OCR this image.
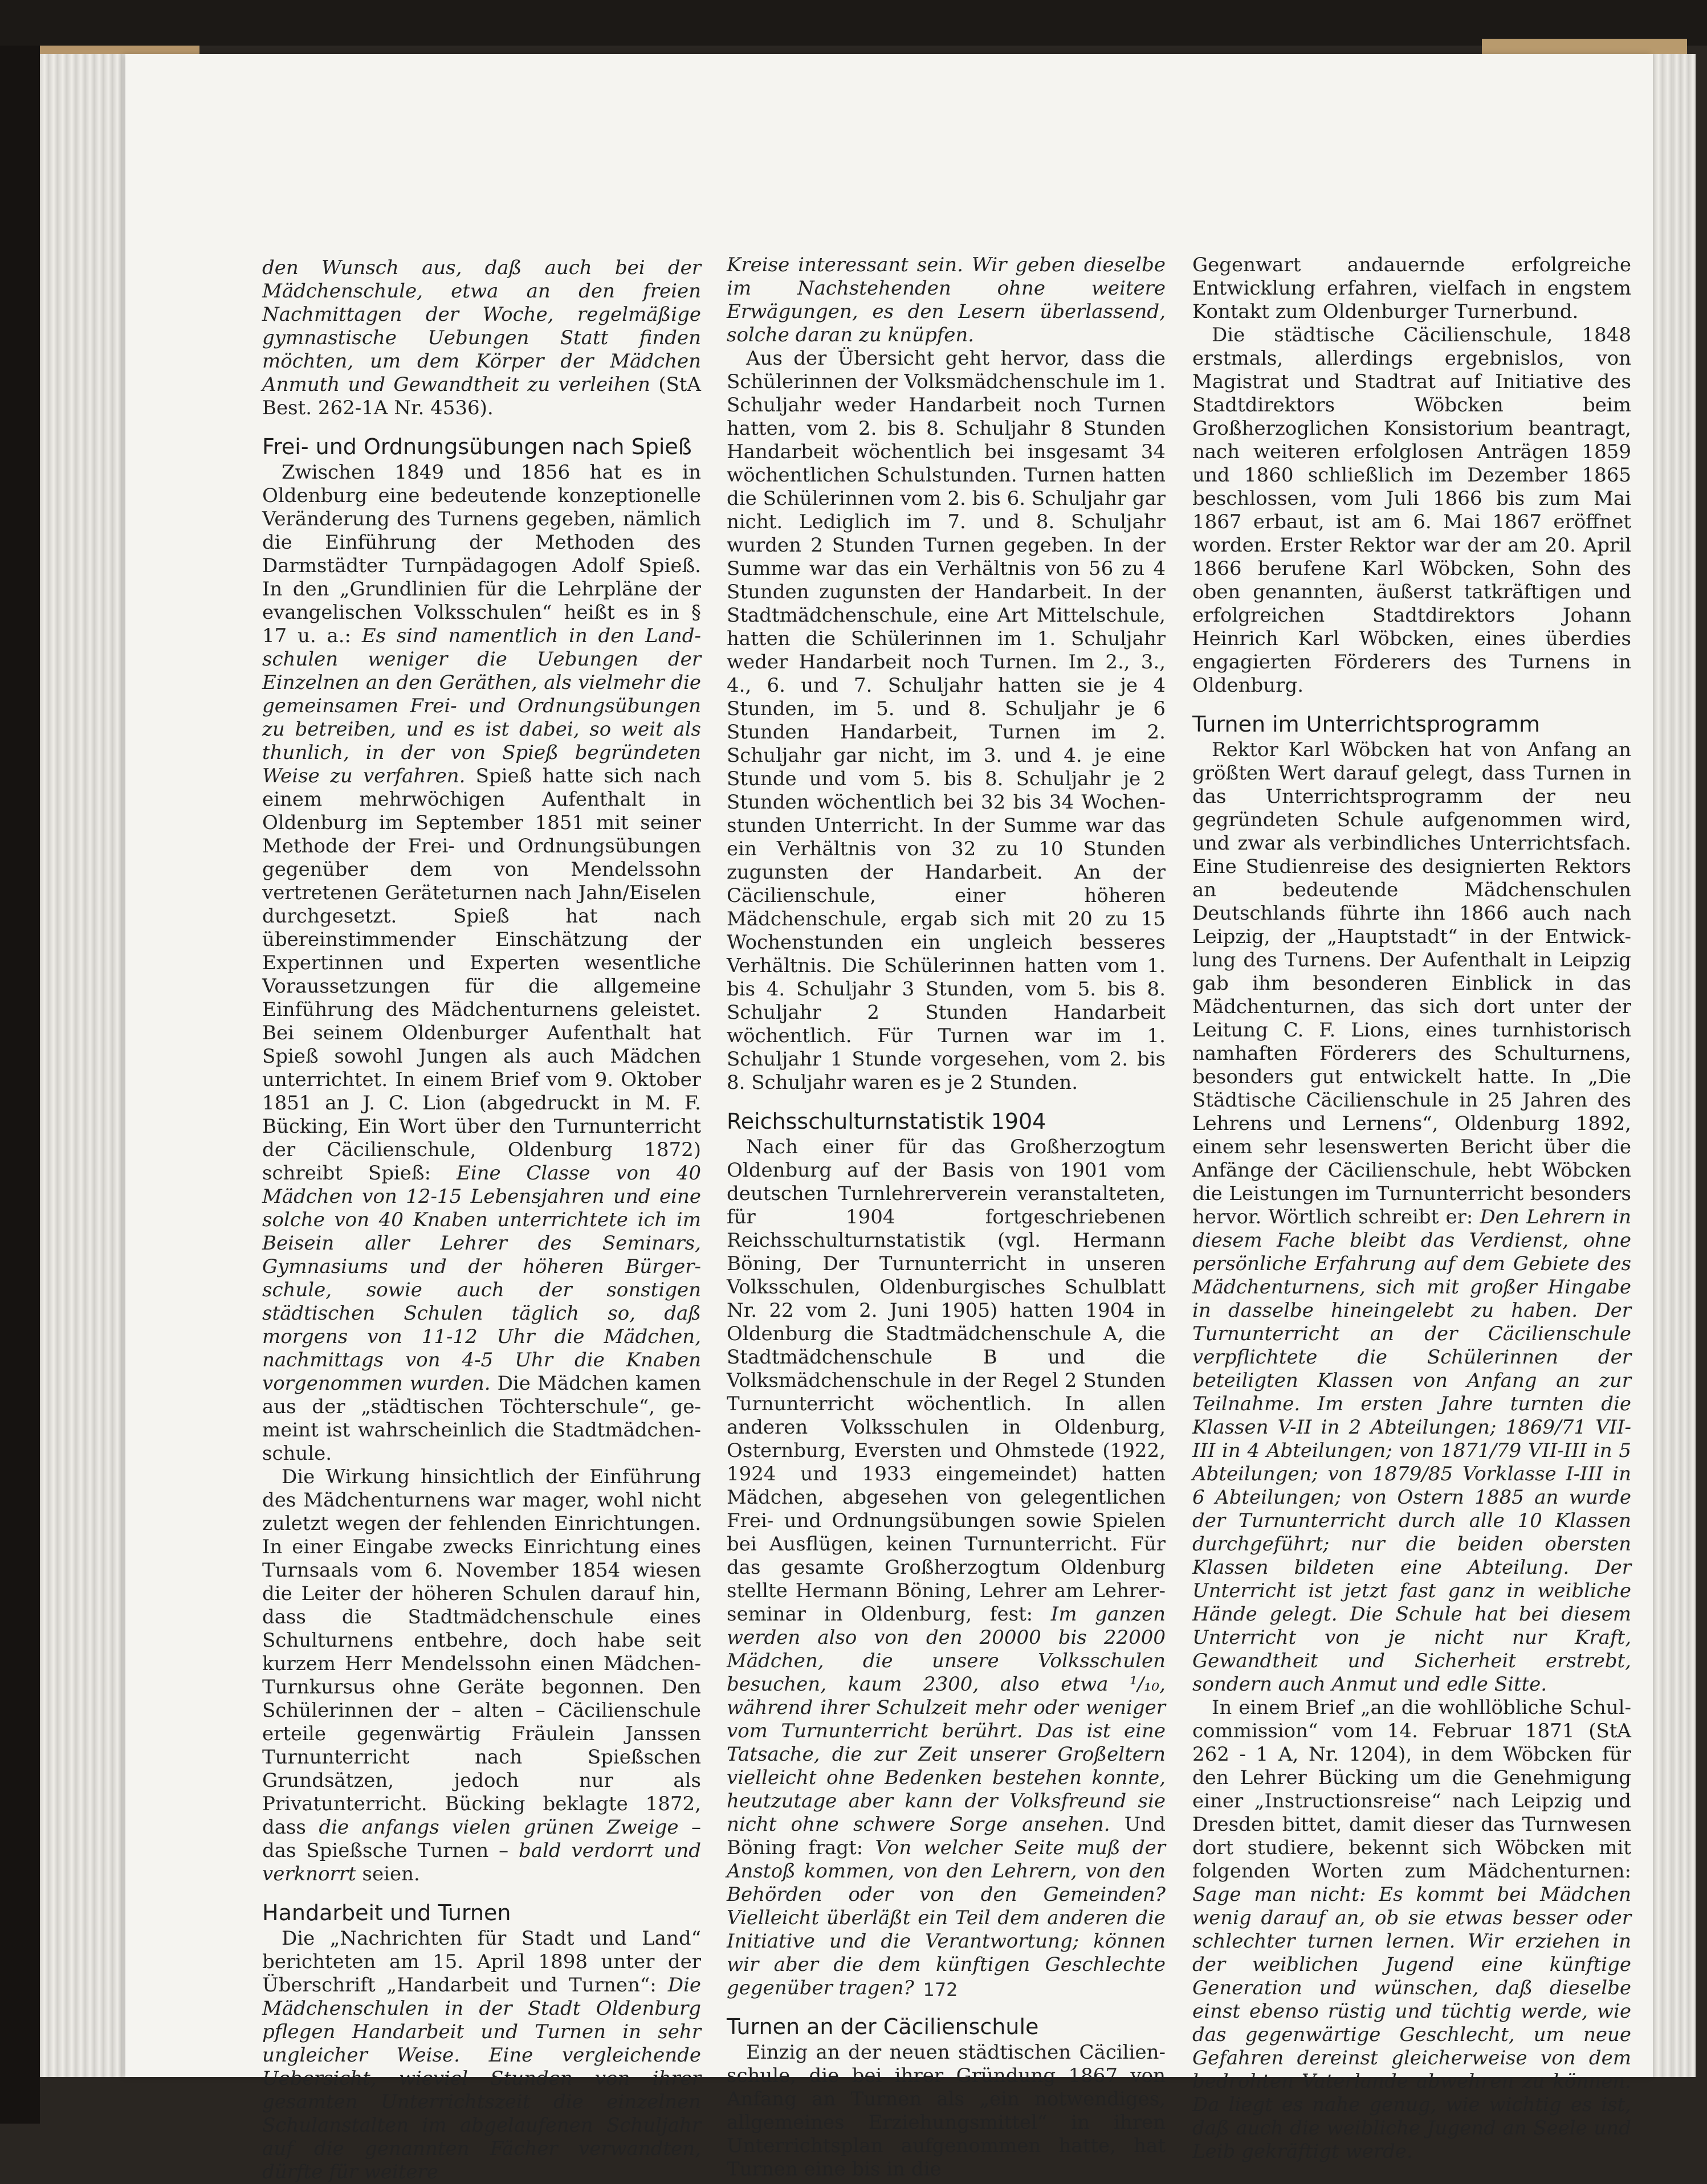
den Wunsch aus, daß auch bei der Mädchenschule, etwa an den freien Nachmittagen der Woche, regelmäßige gymnastische Uebungen Statt finden möchten, um dem Körper der Mädchen Anmuth und Gewandtheit zu verleihen (StA Best. 262-1A Nr. 4536).

Frei- und Ordnungsübungen nach Spieß

Zwischen 1849 und 1856 hat es in Oldenburg eine bedeutende konzeptionelle Veränderung des Turnens gegeben, nämlich die Einführung der Methoden des Darmstädter Turnpädagogen Adolf Spieß. In den „Grundlinien für die Lehrpläne der evangelischen Volksschulen“ heißt es in § 17 u. a.: Es sind namentlich in den Landschulen weniger die Uebungen der Einzelnen an den Geräthen, als vielmehr die gemeinsamen Frei- und Ordnungsübungen zu betreiben, und es ist dabei, so weit als thunlich, in der von Spieß begründeten Weise zu verfahren. Spieß hatte sich nach einem mehrwöchigen Aufenthalt in Oldenburg im September 1851 mit seiner Methode der Frei- und Ordnungsübungen gegenüber dem von Mendelssohn vertretenen Geräteturnen nach Jahn/Eiselen durchgesetzt. Spieß hat nach übereinstimmender Einschätzung der Expertinnen und Experten wesentliche Voraussetzungen für die allgemeine Einführung des Mädchenturnens geleistet. Bei seinem Oldenburger Aufenthalt hat Spieß sowohl Jungen als auch Mädchen unterrichtet. In einem Brief vom 9. Oktober 1851 an J. C. Lion (abgedruckt in M. F. Bücking, Ein Wort über den Turnunterricht der Cäcilienschule, Oldenburg 1872) schreibt Spieß: Eine Classe von 40 Mädchen von 12-15 Lebensjahren und eine solche von 40 Knaben unterrichtete ich im Beisein aller Lehrer des Seminars, Gymnasiums und der höheren Bürgerschule, sowie auch der sonstigen städtischen Schulen täglich so, daß morgens von 11-12 Uhr die Mädchen, nachmittags von 4-5 Uhr die Knaben vorgenommen wurden. Die Mädchen kamen aus der „städtischen Töchterschule“, gemeint ist wahrscheinlich die Stadtmädchenschule.

Die Wirkung hinsichtlich der Einführung des Mädchenturnens war mager, wohl nicht zuletzt wegen der fehlenden Einrichtungen. In einer Eingabe zwecks Einrichtung eines Turnsaals vom 6. November 1854 wiesen die Leiter der höheren Schulen darauf hin, dass die Stadtmädchenschule eines Schulturnens entbehre, doch habe seit kurzem Herr Mendelssohn einen Mädchen-Turnkursus ohne Geräte begonnen. Den Schülerinnen der – alten – Cäcilienschule erteile gegenwärtig Fräulein Janssen Turnunterricht nach Spießschen Grundsätzen, jedoch nur als Privatunterricht. Bücking beklagte 1872, dass die anfangs vielen grünen Zweige – das Spießsche Turnen – bald verdorrt und verknorrt seien.

Handarbeit und Turnen

Die „Nachrichten für Stadt und Land“ berichteten am 15. April 1898 unter der Überschrift „Handarbeit und Turnen“: Die Mädchenschulen in der Stadt Oldenburg pflegen Handarbeit und Turnen in sehr ungleicher Weise. Eine vergleichende Uebersicht, wieviel Stunden von ihrer gesamten Unterrichtszeit die einzelnen Schulanstalten im abgelaufenen Schuljahr auf die genannten Fächer verwandten, dürfte für weitere

Kreise interessant sein. Wir geben dieselbe im Nachstehenden ohne weitere Erwägungen, es den Lesern überlassend, solche daran zu knüpfen.

Aus der Übersicht geht hervor, dass die Schülerinnen der Volksmädchenschule im 1. Schuljahr weder Handarbeit noch Turnen hatten, vom 2. bis 8. Schuljahr 8 Stunden Handarbeit wöchentlich bei insgesamt 34 wöchentlichen Schulstunden. Turnen hatten die Schülerinnen vom 2. bis 6. Schuljahr gar nicht. Lediglich im 7. und 8. Schuljahr wurden 2 Stunden Turnen gegeben. In der Summe war das ein Verhältnis von 56 zu 4 Stunden zugunsten der Handarbeit. In der Stadtmädchenschule, eine Art Mittelschule, hatten die Schülerinnen im 1. Schuljahr weder Handarbeit noch Turnen. Im 2., 3., 4., 6. und 7. Schuljahr hatten sie je 4 Stunden, im 5. und 8. Schuljahr je 6 Stunden Handarbeit, Turnen im 2. Schuljahr gar nicht, im 3. und 4. je eine Stunde und vom 5. bis 8. Schuljahr je 2 Stunden wöchentlich bei 32 bis 34 Wochenstunden Unterricht. In der Summe war das ein Verhältnis von 32 zu 10 Stunden zugunsten der Handarbeit. An der Cäcilienschule, einer höheren Mädchenschule, ergab sich mit 20 zu 15 Wochenstunden ein ungleich besseres Verhältnis. Die Schülerinnen hatten vom 1. bis 4. Schuljahr 3 Stunden, vom 5. bis 8. Schuljahr 2 Stunden Handarbeit wöchentlich. Für Turnen war im 1. Schuljahr 1 Stunde vorgesehen, vom 2. bis 8. Schuljahr waren es je 2 Stunden.

Reichsschulturnstatistik 1904

Nach einer für das Großherzogtum Oldenburg auf der Basis von 1901 vom deutschen Turnlehrerverein veranstalteten, für 1904 fortgeschriebenen Reichsschulturnstatistik (vgl. Hermann Böning, Der Turnunterricht in unseren Volksschulen, Oldenburgisches Schulblatt Nr. 22 vom 2. Juni 1905) hatten 1904 in Oldenburg die Stadtmädchenschule A, die Stadtmädchenschule B und die Volksmädchenschule in der Regel 2 Stunden Turnunterricht wöchentlich. In allen anderen Volksschulen in Oldenburg, Osternburg, Eversten und Ohmstede (1922, 1924 und 1933 eingemeindet) hatten Mädchen, abgesehen von gelegentlichen Frei- und Ordnungsübungen sowie Spielen bei Ausflügen, keinen Turnunterricht. Für das gesamte Großherzogtum Oldenburg stellte Hermann Böning, Lehrer am Lehrerseminar in Oldenburg, fest: Im ganzen werden also von den 20000 bis 22000 Mädchen, die unsere Volksschulen besuchen, kaum 2300, also etwa ¹/₁₀, während ihrer Schulzeit mehr oder weniger vom Turnunterricht berührt. Das ist eine Tatsache, die zur Zeit unserer Großeltern vielleicht ohne Bedenken bestehen konnte, heutzutage aber kann der Volksfreund sie nicht ohne schwere Sorge ansehen. Und Böning fragt: Von welcher Seite muß der Anstoß kommen, von den Lehrern, von den Behörden oder von den Gemeinden? Vielleicht überläßt ein Teil dem anderen die Initiative und die Verantwortung; können wir aber die dem künftigen Geschlechte gegenüber tragen?

Turnen an der Cäcilienschule

Einzig an der neuen städtischen Cäcilienschule, die bei ihrer Gründung 1867 von Anfang an Turnen als „ein notwendiges, allgemeines Erziehungsmittel“ in ihren Unterrichtsplan aufgenommen hatte, hat Turnen eine bis in die

Gegenwart andauernde erfolgreiche Entwicklung erfahren, vielfach in engstem Kontakt zum Oldenburger Turnerbund.

Die städtische Cäcilienschule, 1848 erstmals, allerdings ergebnislos, von Magistrat und Stadtrat auf Initiative des Stadtdirektors Wöbcken beim Großherzoglichen Konsistorium beantragt, nach weiteren erfolglosen Anträgen 1859 und 1860 schließlich im Dezember 1865 beschlossen, vom Juli 1866 bis zum Mai 1867 erbaut, ist am 6. Mai 1867 eröffnet worden. Erster Rektor war der am 20. April 1866 berufene Karl Wöbcken, Sohn des oben genannten, äußerst tatkräftigen und erfolgreichen Stadtdirektors Johann Heinrich Karl Wöbcken, eines überdies engagierten Förderers des Turnens in Oldenburg.

Turnen im Unterrichtsprogramm

Rektor Karl Wöbcken hat von Anfang an größten Wert darauf gelegt, dass Turnen in das Unterrichtsprogramm der neu gegründeten Schule aufgenommen wird, und zwar als verbindliches Unterrichtsfach. Eine Studienreise des designierten Rektors an bedeutende Mädchenschulen Deutschlands führte ihn 1866 auch nach Leipzig, der „Hauptstadt“ in der Entwicklung des Turnens. Der Aufenthalt in Leipzig gab ihm besonderen Einblick in das Mädchenturnen, das sich dort unter der Leitung C. F. Lions, eines turnhistorisch namhaften Förderers des Schulturnens, besonders gut entwickelt hatte. In „Die Städtische Cäcilienschule in 25 Jahren des Lehrens und Lernens“, Oldenburg 1892, einem sehr lesenswerten Bericht über die Anfänge der Cäcilienschule, hebt Wöbcken die Leistungen im Turnunterricht besonders hervor. Wörtlich schreibt er: Den Lehrern in diesem Fache bleibt das Verdienst, ohne persönliche Erfahrung auf dem Gebiete des Mädchenturnens, sich mit großer Hingabe in dasselbe hineingelebt zu haben. Der Turnunterricht an der Cäcilienschule verpflichtete die Schülerinnen der beteiligten Klassen von Anfang an zur Teilnahme. Im ersten Jahre turnten die Klassen V-II in 2 Abteilungen; 1869/71 VII-III in 4 Abteilungen; von 1871/79 VII-III in 5 Abteilungen; von 1879/85 Vorklasse I-III in 6 Abteilungen; von Ostern 1885 an wurde der Turnunterricht durch alle 10 Klassen durchgeführt; nur die beiden obersten Klassen bildeten eine Abteilung. Der Unterricht ist jetzt fast ganz in weibliche Hände gelegt. Die Schule hat bei diesem Unterricht von je nicht nur Kraft, Gewandtheit und Sicherheit erstrebt, sondern auch Anmut und edle Sitte.

In einem Brief „an die wohllöbliche Schulcommission“ vom 14. Februar 1871 (StA 262 - 1 A, Nr. 1204), in dem Wöbcken für den Lehrer Bücking um die Genehmigung einer „Instructionsreise“ nach Leipzig und Dresden bittet, damit dieser das Turnwesen dort studiere, bekennt sich Wöbcken mit folgenden Worten zum Mädchenturnen: Sage man nicht: Es kommt bei Mädchen wenig darauf an, ob sie etwas besser oder schlechter turnen lernen. Wir erziehen in der weiblichen Jugend eine künftige Generation und wünschen, daß dieselbe einst ebenso rüstig und tüchtig werde, wie das gegenwärtige Geschlecht, um neue Gefahren dereinst gleicherweise von dem bedrohten Vaterlande abwehren zu können. Da liegt es nahe genug, wie wichtig es ist, daß auch die weibliche Jugend an Seele und Leib gekräftigt werde.

172
